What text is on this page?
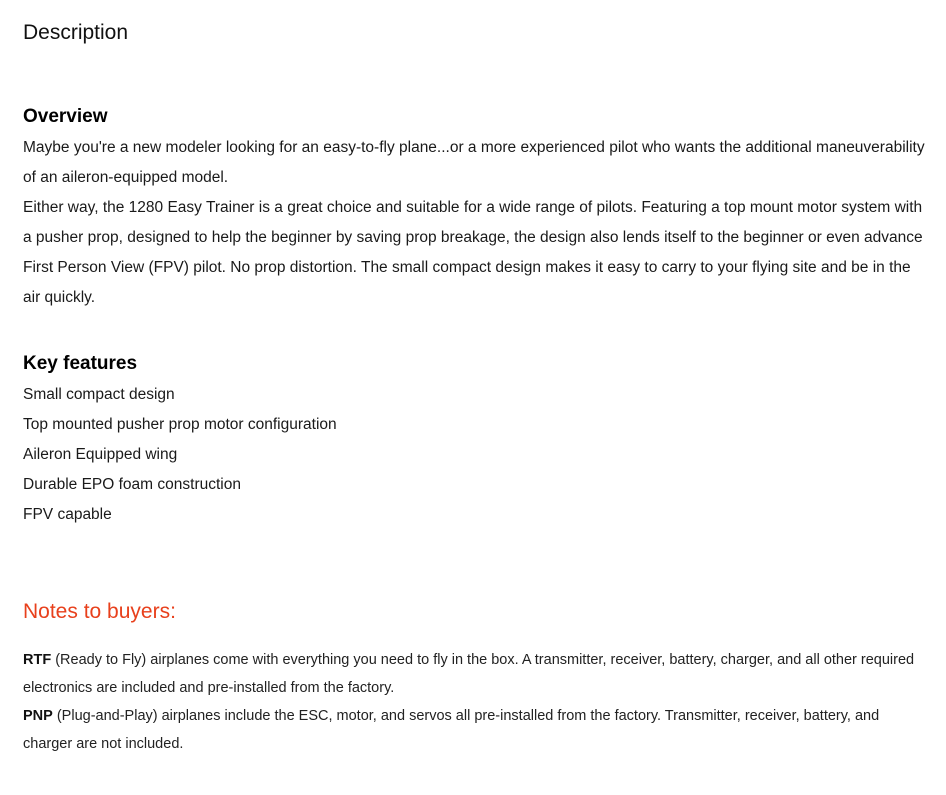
Description
Overview

Maybe you're a new modeler looking for an easy-to-fly plane...or a more experienced pilot who wants the additional maneuverability of an aileron-equipped model.

Either way, the 1280 Easy Trainer is a great choice and suitable for a wide range of pilots. Featuring a top mount motor system with a pusher prop, designed to help the beginner by saving prop breakage, the design also lends itself to the beginner or even advance First Person View (FPV) pilot. No prop distortion. The small compact design makes it easy to carry to your flying site and be in the air quickly.

Key features
Small compact design
Top mounted pusher prop motor configuration
Aileron Equipped wing
Durable EPO foam construction
FPV capable
Notes to buyers:

RTF (Ready to Fly) airplanes come with everything you need to fly in the box. A transmitter, receiver, battery, charger, and all other required electronics are included and pre-installed from the factory.

PNP (Plug-and-Play) airplanes include the ESC, motor, and servos all pre-installed from the factory. Transmitter, receiver, battery, and charger are not included.
